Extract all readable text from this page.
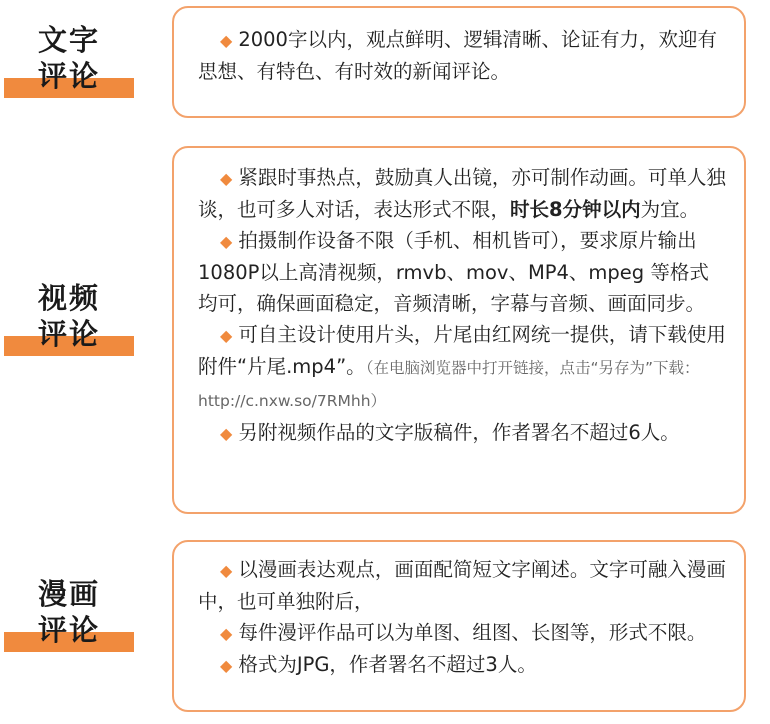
文字
评论

◆ 2000字以内，观点鲜明、逻辑清晰、论证有力，欢迎有思想、有特色、有时效的新闻评论。

视频
评论

◆ 紧跟时事热点，鼓励真人出镜，亦可制作动画。可单人独谈，也可多人对话，表达形式不限，时长8分钟以内为宜。

◆ 拍摄制作设备不限（手机、相机皆可），要求原片输出1080P以上高清视频，rmvb、mov、MP4、mpeg 等格式均可，确保画面稳定，音频清晰，字幕与音频、画面同步。

◆ 可自主设计使用片头，片尾由红网统一提供，请下载使用附件“片尾.mp4”。（在电脑浏览器中打开链接，点击“另存为”下载：http://c.nxw.so/7RMhh）

◆ 另附视频作品的文字版稿件，作者署名不超过6人。

漫画
评论

◆ 以漫画表达观点，画面配简短文字阐述。文字可融入漫画中，也可单独附后，

◆ 每件漫评作品可以为单图、组图、长图等，形式不限。

◆ 格式为JPG，作者署名不超过3人。
